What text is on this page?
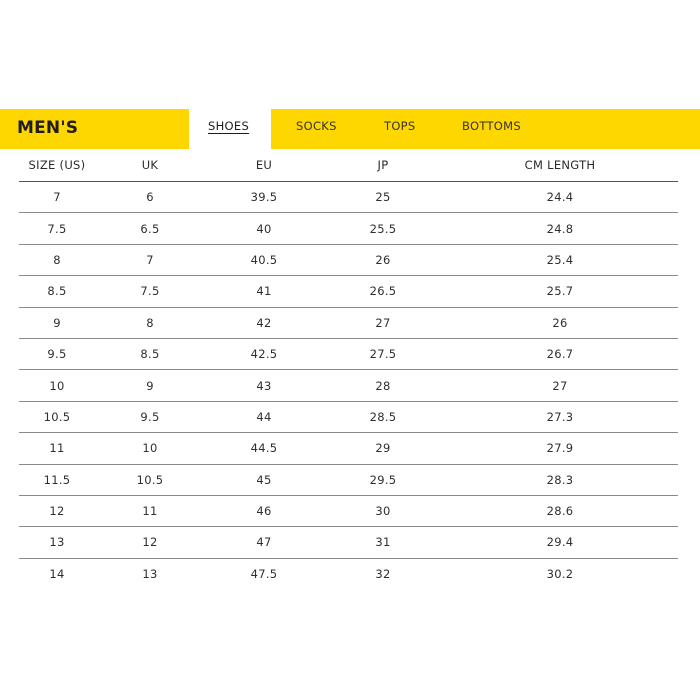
MEN'S	SHOES	SOCKS	TOPS	BOTTOMS
SIZE (US)	UK	EU	JP	CM LENGTH
7	6	39.5	25	24.4
7.5	6.5	40	25.5	24.8
8	7	40.5	26	25.4
8.5	7.5	41	26.5	25.7
9	8	42	27	26
9.5	8.5	42.5	27.5	26.7
10	9	43	28	27
10.5	9.5	44	28.5	27.3
11	10	44.5	29	27.9
11.5	10.5	45	29.5	28.3
12	11	46	30	28.6
13	12	47	31	29.4
14	13	47.5	32	30.2
